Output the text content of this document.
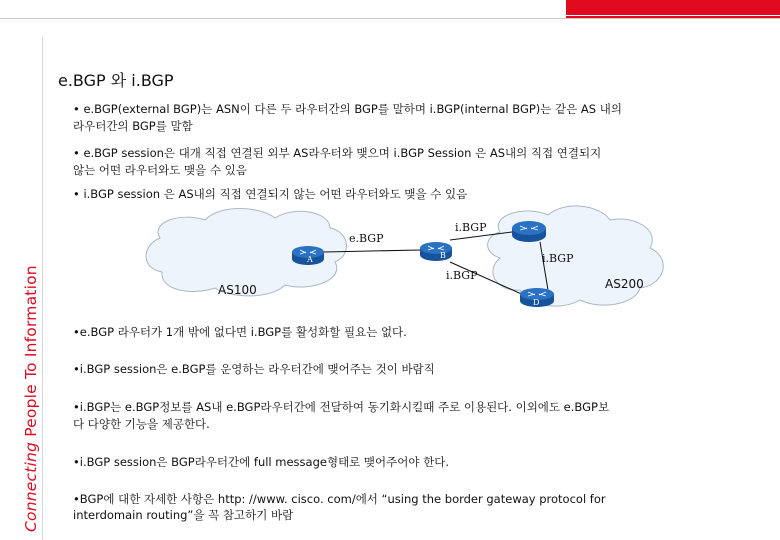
Connecting People To Information
e.BGP 와 i.BGP
• e.BGP(external BGP)는 ASN이 다른 두 라우터간의 BGP를 말하며 i.BGP(internal BGP)는 같은 AS 내의
라우터간의 BGP를 말함
• e.BGP session은 대개 직접 연결된 외부 AS라우터와 맺으며 i.BGP Session 은 AS내의 직접 연결되지
않는 어떤 라우터와도 맺을 수 있음
• i.BGP session 은 AS내의 직접 연결되지 않는 어떤 라우터와도 맺을 수 있음
e.BGP
i.BGP
i.BGP
i.BGP
AS100	AS200
A	B
D
•e.BGP 라우터가 1개 밖에 없다면 i.BGP를 활성화할 필요는 없다.
•i.BGP session은 e.BGP를 운영하는 라우터간에 맺어주는 것이 바람직
•i.BGP는 e.BGP정보를 AS내 e.BGP라우터간에 전달하여 동기화시킬때 주로 이용된다. 이외에도 e.BGP보
다 다양한 기능을 제공한다.
•i.BGP session은 BGP라우터간에 full message형태로 맺어주어야 한다.
•BGP에 대한 자세한 사항은 http: //www. cisco. com/에서 “using the border gateway protocol for
interdomain routing”을 꼭 참고하기 바람
